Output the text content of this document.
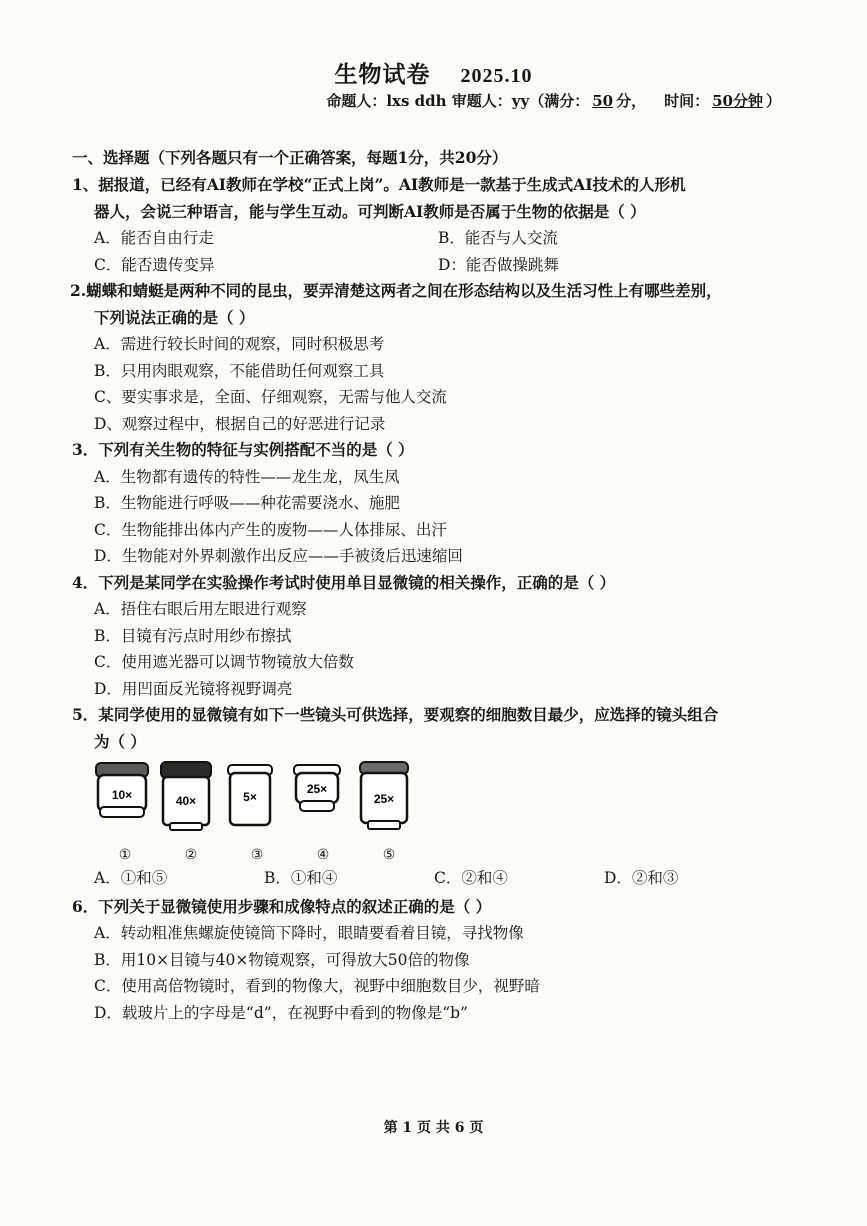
生物试卷 2025.10
命题人：lxs ddh 审题人：yy（满分： 50 分， 时间： 50分钟 ）
一、选择题（下列各题只有一个正确答案，每题1分，共20分）
1、据报道，已经有AI教师在学校“正式上岗”。AI教师是一款基于生成式AI技术的人形机
器人，会说三种语言，能与学生互动。可判断AI教师是否属于生物的依据是（ ）
A．能否自由行走	B．能否与人交流
C．能否遗传变异	D：能否做操跳舞
2.蝴蝶和蜻蜓是两种不同的昆虫，要弄清楚这两者之间在形态结构以及生活习性上有哪些差别，
下列说法正确的是（ ）
A．需进行较长时间的观察，同时积极思考
B．只用肉眼观察，不能借助任何观察工具
C、要实事求是，全面、仔细观察，无需与他人交流
D、观察过程中，根据自己的好恶进行记录
3．下列有关生物的特征与实例搭配不当的是（ ）
A．生物都有遗传的特性——龙生龙，凤生凤
B．生物能进行呼吸——种花需要浇水、施肥
C．生物能排出体内产生的废物——人体排尿、出汗
D．生物能对外界刺激作出反应——手被烫后迅速缩回
4．下列是某同学在实验操作考试时使用单目显微镜的相关操作，正确的是（ ）
A．捂住右眼后用左眼进行观察
B．目镜有污点时用纱布擦拭
C．使用遮光器可以调节物镜放大倍数
D．用凹面反光镜将视野调亮
5．某同学使用的显微镜有如下一些镜头可供选择，要观察的细胞数目最少，应选择的镜头组合
为（ ）
10×
①
40×
②
5×
③
25×
④
25×
⑤
A．①和⑤	B．①和④	C．②和④	D．②和③
6．下列关于显微镜使用步骤和成像特点的叙述正确的是（ ）
A．转动粗准焦螺旋使镜筒下降时，眼睛要看着目镜，寻找物像
B．用10×目镜与40×物镜观察，可得放大50倍的物像
C．使用高倍物镜时，看到的物像大，视野中细胞数目少，视野暗
D．载玻片上的字母是“d”，在视野中看到的物像是“b”
第 1 页 共 6 页
